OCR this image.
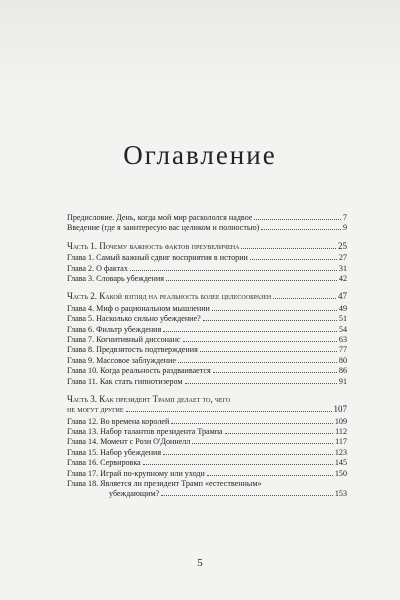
Оглавление
Предисловие. День, когда мой мир раскололся надвое	7
Введение (где я заинтересую вас целиком и полностью)	9
Часть 1. Почему важность фактов преувеличена	25
Глава 1. Самый важный сдвиг восприятия в истории	27
Глава 2. О фактах	31
Глава 3. Словарь убеждения	42
Часть 2. Какой взгляд на реальность более целесообразен	47
Глава 4. Миф о рациональном мышлении	49
Глава 5. Насколько сильно убеждение?	51
Глава 6. Фильтр убеждения	54
Глава 7. Когнитивный диссонанс	63
Глава 8. Предвзятость подтверждения	77
Глава 9. Массовое заблуждение	80
Глава 10. Когда реальность раздваивается	86
Глава 11. Как стать гипнотизером	91
Часть 3. Как президент Трамп делает то, чего
не могут другие	107
Глава 12. Во времена королей	109
Глава 13. Набор талантов президента Трампа	112
Глава 14. Момент с Рози О'Доннелл	117
Глава 15. Набор убеждения	123
Глава 16. Сервировка	145
Глава 17. Играй по-крупному или уходи	150
Глава 18. Является ли президент Трамп «естественным»
убеждающим?	153
5
